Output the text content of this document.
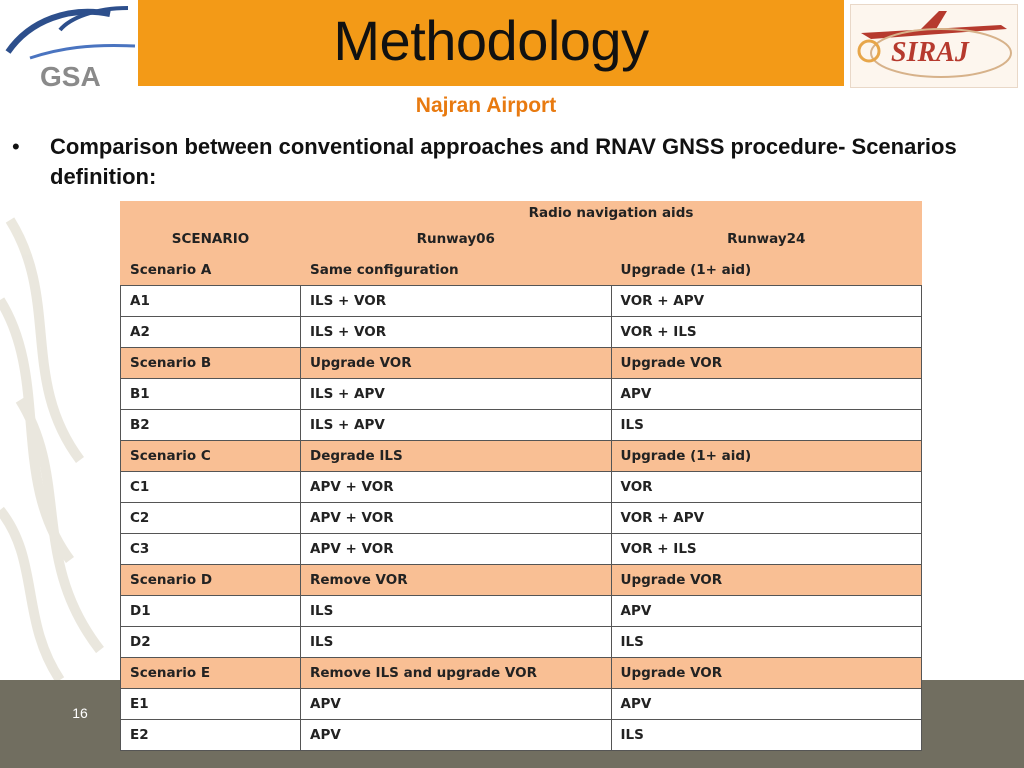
GSA
Methodology	SIRAJ
Najran Airport
• Comparison between conventional approaches and RNAV GNSS procedure- Scenarios definition:
16
	Radio navigation aids	
SCENARIO	Runway06	Runway24
Scenario A	Same configuration	Upgrade (1+ aid)
A1	ILS + VOR	VOR + APV
A2	ILS + VOR	VOR + ILS
Scenario B	Upgrade VOR	Upgrade VOR
B1	ILS + APV	APV
B2	ILS + APV	ILS
Scenario C	Degrade ILS	Upgrade (1+ aid)
C1	APV + VOR	VOR
C2	APV + VOR	VOR + APV
C3	APV + VOR	VOR + ILS
Scenario D	Remove VOR	Upgrade VOR
D1	ILS	APV
D2	ILS	ILS
Scenario E	Remove ILS and upgrade VOR	Upgrade VOR
E1	APV	APV
E2	APV	ILS
